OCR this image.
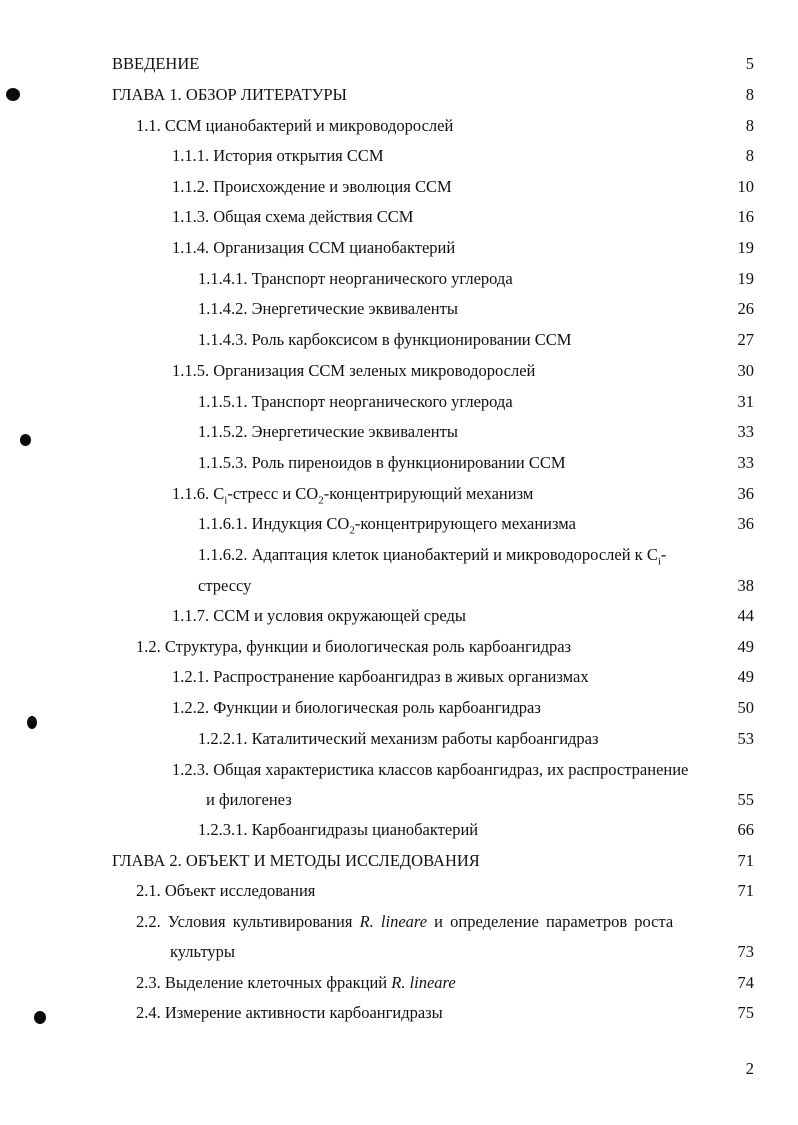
ВВЕДЕНИЕ	5
ГЛАВА 1. ОБЗОР ЛИТЕРАТУРЫ	8
1.1. CCM цианобактерий и микроводорослей	8
1.1.1. История открытия CCM	8
1.1.2. Происхождение и эволюция CCM	10
1.1.3. Общая схема действия CCM	16
1.1.4. Организация CCM цианобактерий	19
1.1.4.1. Транспорт неорганического углерода	19
1.1.4.2. Энергетические эквиваленты	26
1.1.4.3. Роль карбоксисом в функционировании CCM	27
1.1.5. Организация CCM зеленых микроводорослей	30
1.1.5.1. Транспорт неорганического углерода	31
1.1.5.2. Энергетические эквиваленты	33
1.1.5.3. Роль пиреноидов в функционировании CCM	33
1.1.6. $C_i$-стресс и $CO_2$-концентрирующий механизм	36
1.1.6.1. Индукция $CO_2$-концентрирующего механизма	36
1.1.6.2. Адаптация клеток цианобактерий и микроводорослей к $C_i-$
стрессу	38
1.1.7. CCM и условия окружающей среды	44
1.2. Структура, функции и биологическая роль карбоангидраз	49
1.2.1. Распространение карбоангидраз в живых организмах	49
1.2.2. Функции и биологическая роль карбоангидраз	50
1.2.2.1. Каталитический механизм работы карбоангидраз	53
1.2.3. Общая характеристика классов карбоангидраз, их распространение
и филогенез	55
1.2.3.1. Карбоангидразы цианобактерий	66
ГЛАВА 2. ОБЪЕКТ И МЕТОДЫ ИССЛЕДОВАНИЯ	71
2.1. Объект исследования	71
2.2. Условия культивирования R. lineare и определение параметров роста
культуры	73
2.3. Выделение клеточных фракций R. lineare	74
2.4. Измерение активности карбоангидразы	75
2
